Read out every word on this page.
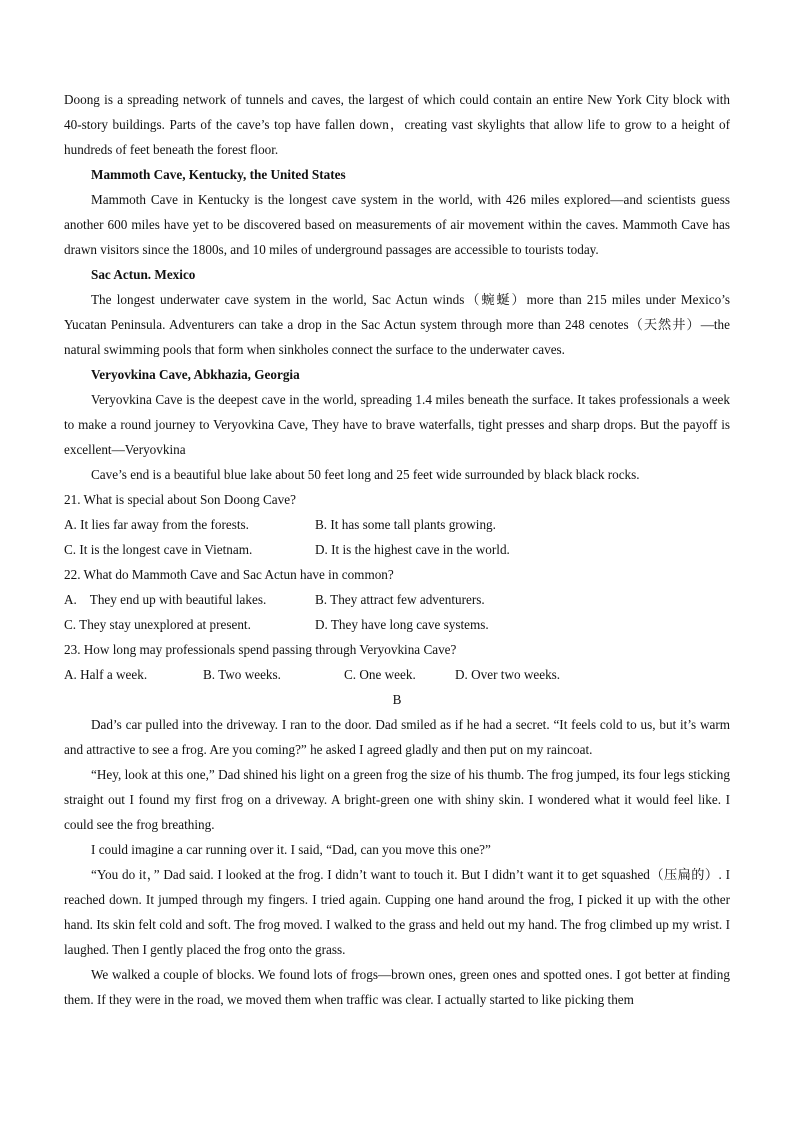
Doong is a spreading network of tunnels and caves, the largest of which could contain an entire New York City block with 40-story buildings. Parts of the cave’s top have fallen down，creating vast skylights that allow life to grow to a height of hundreds of feet beneath the forest floor.

Mammoth Cave, Kentucky, the United States

Mammoth Cave in Kentucky is the longest cave system in the world, with 426 miles explored—and scientists guess another 600 miles have yet to be discovered based on measurements of air movement within the caves. Mammoth Cave has drawn visitors since the 1800s, and 10 miles of underground passages are accessible to tourists today.

Sac Actun. Mexico

The longest underwater cave system in the world, Sac Actun winds（蜿蜒）more than 215 miles under Mexico’s Yucatan Peninsula. Adventurers can take a drop in the Sac Actun system through more than 248 cenotes（天然井）—the natural swimming pools that form when sinkholes connect the surface to the underwater caves.

Veryovkina Cave, Abkhazia, Georgia

Veryovkina Cave is the deepest cave in the world, spreading 1.4 miles beneath the surface. It takes professionals a week to make a round journey to Veryovkina Cave, They have to brave waterfalls, tight presses and sharp drops. But the payoff is excellent—Veryovkina

Cave’s end is a beautiful blue lake about 50 feet long and 25 feet wide surrounded by black black rocks.

21. What is special about Son Doong Cave?

A. It lies far away from the forests.	B. It has some tall plants growing.

C. It is the longest cave in Vietnam.	D. It is the highest cave in the world.

22. What do Mammoth Cave and Sac Actun have in common?

A.    They end up with beautiful lakes.	B. They attract few adventurers.

C. They stay unexplored at present.	D. They have long cave systems.

23. How long may professionals spend passing through Veryovkina Cave?

A. Half a week.	B. Two weeks.	C. One week.	D. Over two weeks.

B

Dad’s car pulled into the driveway. I ran to the door. Dad smiled as if he had a secret. “It feels cold to us, but it’s warm and attractive to see a frog. Are you coming?” he asked I agreed gladly and then put on my raincoat.

“Hey, look at this one,” Dad shined his light on a green frog the size of his thumb. The frog jumped, its four legs sticking straight out I found my first frog on a driveway. A bright-green one with shiny skin. I wondered what it would feel like. I could see the frog breathing.

I could imagine a car running over it. I said, “Dad, can you move this one?”

“You do it，” Dad said. I looked at the frog. I didn’t want to touch it. But I didn’t want it to get squashed（压扁的）. I reached down. It jumped through my fingers. I tried again. Cupping one hand around the frog, I picked it up with the other hand. Its skin felt cold and soft. The frog moved. I walked to the grass and held out my hand. The frog climbed up my wrist. I laughed. Then I gently placed the frog onto the grass.

We walked a couple of blocks. We found lots of frogs—brown ones, green ones and spotted ones. I got better at finding them. If they were in the road, we moved them when traffic was clear. I actually started to like picking them
